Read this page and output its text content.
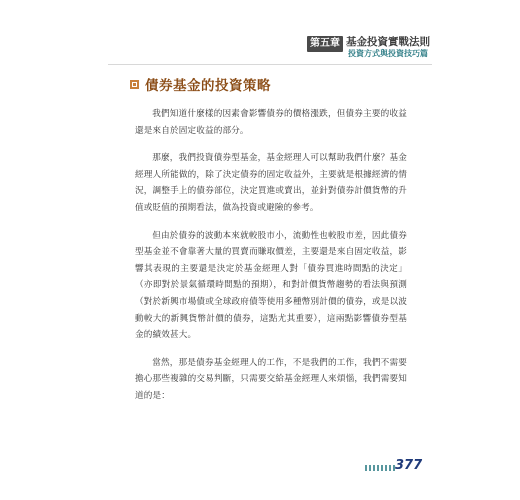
第五章 基金投資實戰法則
投資方式與投資技巧篇
債券基金的投資策略

我們知道什麼樣的因素會影響債券的價格漲跌，但債券主要的收益還是來自於固定收益的部分。

那麼，我們投資債券型基金，基金經理人可以幫助我們什麼？基金經理人所能做的，除了決定債券的固定收益外，主要就是根據經濟的情況，調整手上的債券部位，決定買進或賣出，並針對債券計價貨幣的升值或貶值的預期看法，做為投資或避險的參考。

但由於債券的波動本來就較股市小，流動性也較股市差，因此債券型基金並不會靠著大量的買賣而賺取價差，主要還是來自固定收益，影響其表現的主要還是決定於基金經理人對「債券買進時間點的決定」（亦即對於景氣循環時間點的預期），和對計價貨幣趨勢的看法與預測（對於新興市場債或全球政府債等使用多種幣別計價的債券，或是以波動較大的新興貨幣計價的債券，這點尤其重要），這兩點影響債券型基金的績效甚大。

當然，那是債券基金經理人的工作，不是我們的工作，我們不需要擔心那些複雜的交易判斷，只需要交給基金經理人來煩惱，我們需要知道的是：

377
